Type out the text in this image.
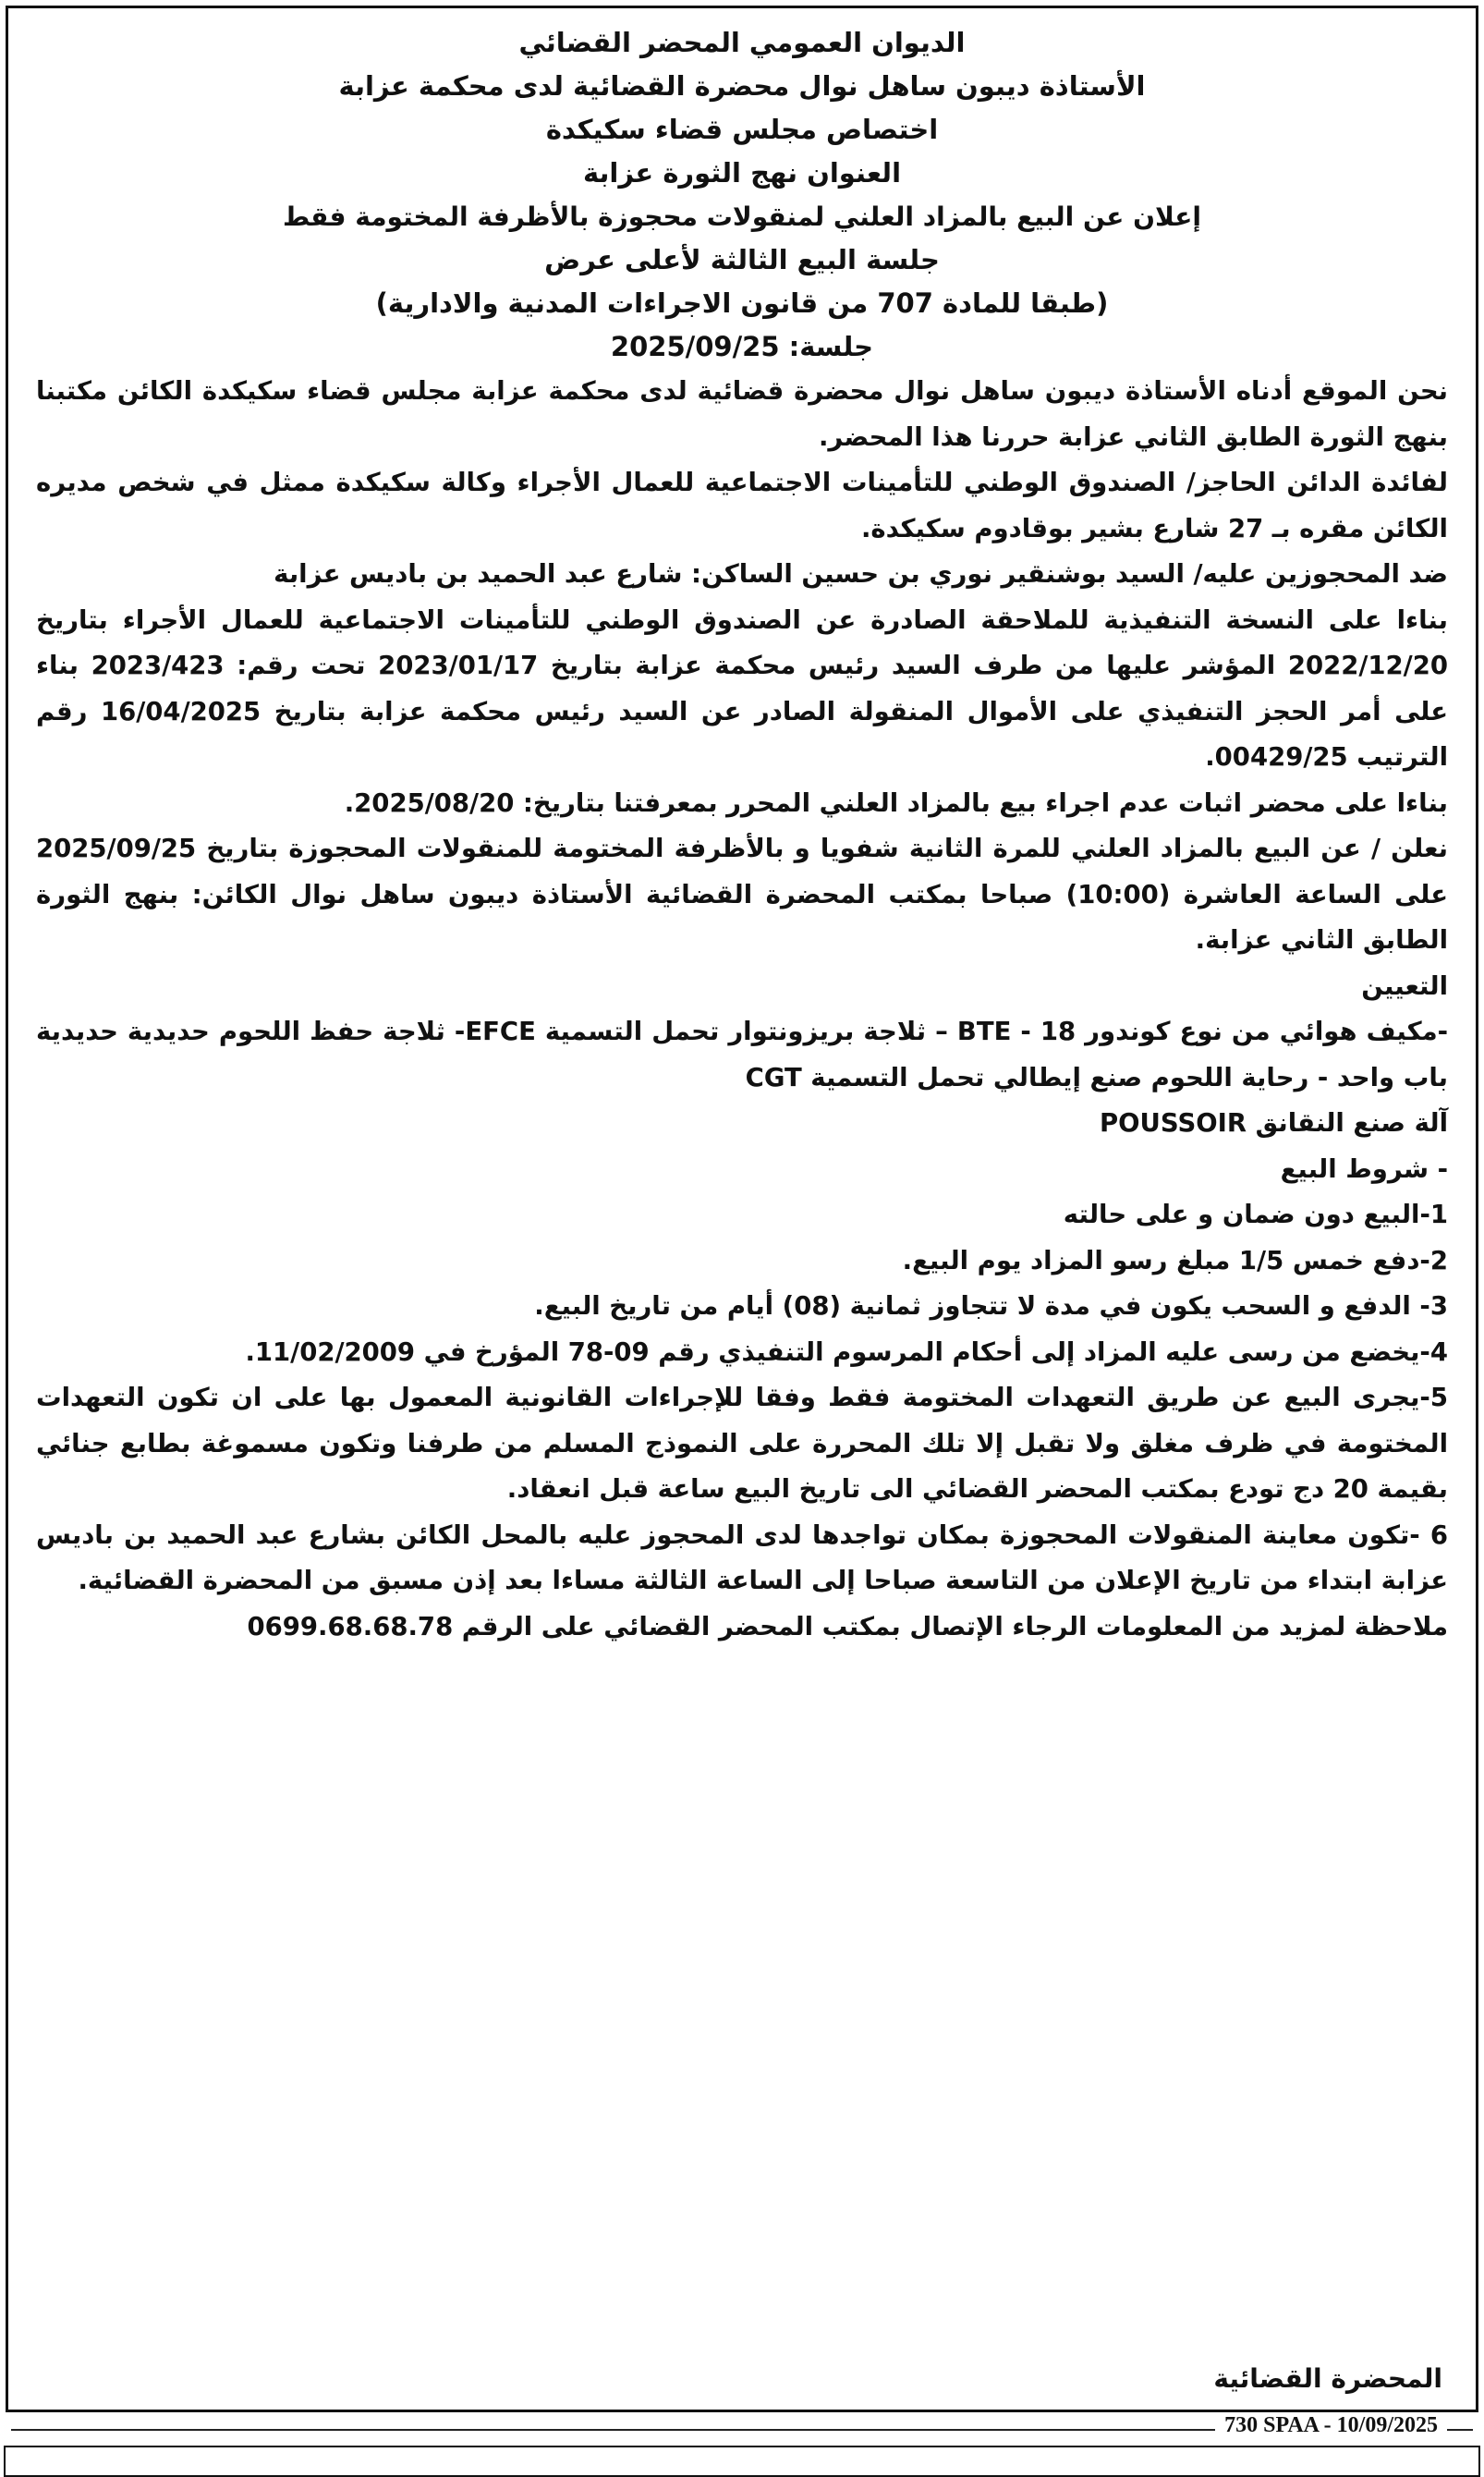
الديوان العمومي المحضر القضائي
الأستاذة ديبون ساهل نوال محضرة القضائية لدى محكمة عزابة
اختصاص مجلس قضاء سكيكدة
العنوان نهج الثورة عزابة
إعلان عن البيع بالمزاد العلني لمنقولات محجوزة بالأظرفة المختومة فقط
جلسة البيع الثالثة لأعلى عرض
(طبقا للمادة 707 من قانون الاجراءات المدنية والادارية)
جلسة: 2025/09/25
نحن الموقع أدناه الأستاذة ديبون ساهل نوال محضرة قضائية لدى محكمة عزابة مجلس قضاء سكيكدة الكائن مكتبنا بنهج الثورة الطابق الثاني عزابة حررنا هذا المحضر.
لفائدة الدائن الحاجز/ الصندوق الوطني للتأمينات الاجتماعية للعمال الأجراء وكالة سكيكدة ممثل في شخص مديره الكائن مقره بـ 27 شارع بشير بوقادوم سكيكدة.
ضد المحجوزين عليه/ السيد بوشنقير نوري بن حسين الساكن: شارع عبد الحميد بن باديس عزابة
بناءا على النسخة التنفيذية للملاحقة الصادرة عن الصندوق الوطني للتأمينات الاجتماعية للعمال الأجراء بتاريخ 2022/12/20 المؤشر عليها من طرف السيد رئيس محكمة عزابة بتاريخ 2023/01/17 تحت رقم: 2023/423 بناء على أمر الحجز التنفيذي على الأموال المنقولة الصادر عن السيد رئيس محكمة عزابة بتاريخ 16/04/2025 رقم الترتيب 00429/25.
بناءا على محضر اثبات عدم اجراء بيع بالمزاد العلني المحرر بمعرفتنا بتاريخ: 2025/08/20.
نعلن / عن البيع بالمزاد العلني للمرة الثانية شفويا و بالأظرفة المختومة للمنقولات المحجوزة بتاريخ 2025/09/25 على الساعة العاشرة (10:00) صباحا بمكتب المحضرة القضائية الأستاذة ديبون ساهل نوال الكائن: بنهج الثورة الطابق الثاني عزابة.
التعيين
-مكيف هوائي من نوع كوندور 18 - BTE – ثلاجة بريزونتوار تحمل التسمية EFCE- ثلاجة حفظ اللحوم حديدية حديدية باب واحد - رحاية اللحوم صنع إيطالي تحمل التسمية CGT
آلة صنع النقانق POUSSOIR
- شروط البيع
1-البيع دون ضمان و على حالته
2-دفع خمس 1/5 مبلغ رسو المزاد يوم البيع.
3- الدفع و السحب يكون في مدة لا تتجاوز ثمانية (08) أيام من تاريخ البيع.
4-يخضع من رسى عليه المزاد إلى أحكام المرسوم التنفيذي رقم 09-78 المؤرخ في 11/02/2009.
5-يجرى البيع عن طريق التعهدات المختومة فقط وفقا للإجراءات القانونية المعمول بها على ان تكون التعهدات المختومة في ظرف مغلق ولا تقبل إلا تلك المحررة على النموذج المسلم من طرفنا وتكون مسموغة بطابع جنائي بقيمة 20 دج تودع بمكتب المحضر القضائي الى تاريخ البيع ساعة قبل انعقاد.
6 -تكون معاينة المنقولات المحجوزة بمكان تواجدها لدى المحجوز عليه بالمحل الكائن بشارع عبد الحميد بن باديس عزابة ابتداء من تاريخ الإعلان من التاسعة صباحا إلى الساعة الثالثة مساءا بعد إذن مسبق من المحضرة القضائية.
ملاحظة لمزيد من المعلومات الرجاء الإتصال بمكتب المحضر القضائي على الرقم 0699.68.68.78
المحضرة القضائية
730 SPAA - 10/09/2025
